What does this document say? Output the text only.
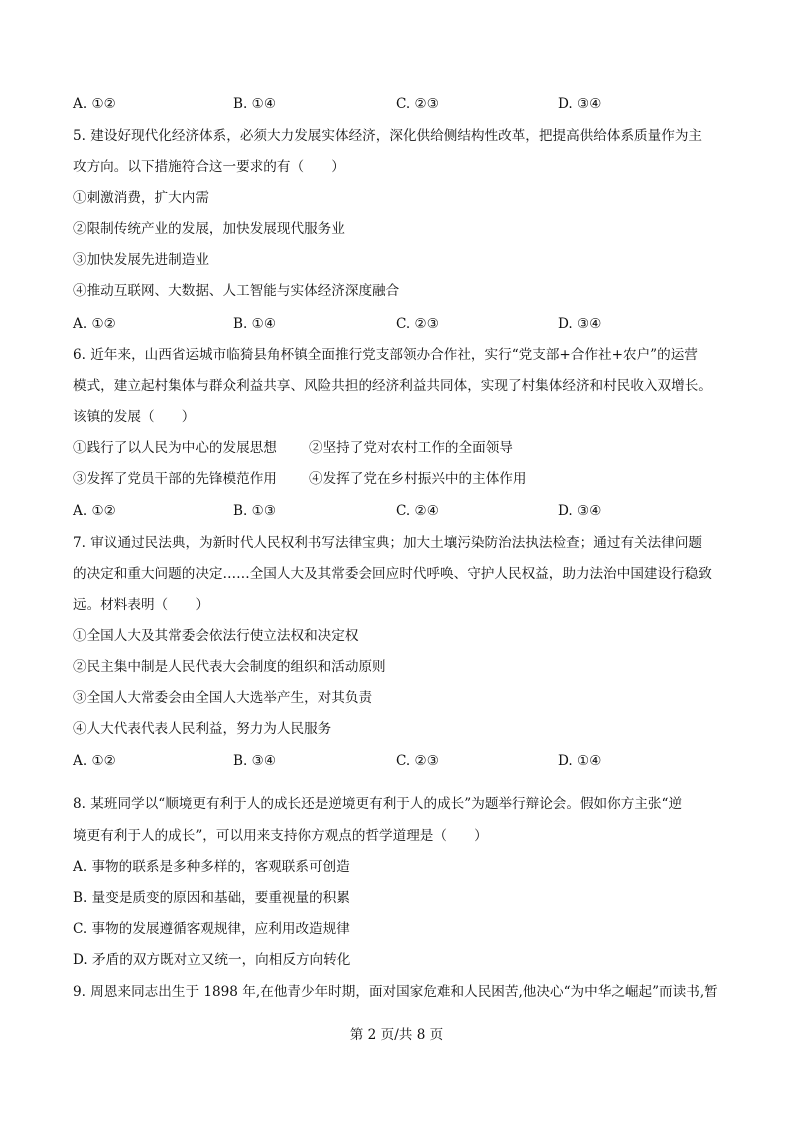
A. ①②	B. ①④	C. ②③	D. ③④
5. 建设好现代化经济体系，必须大力发展实体经济，深化供给侧结构性改革，把提高供给体系质量作为主
攻方向。以下措施符合这一要求的有（　　）
①刺激消费，扩大内需
②限制传统产业的发展，加快发展现代服务业
③加快发展先进制造业
④推动互联网、大数据、人工智能与实体经济深度融合
A. ①②	B. ①④	C. ②③	D. ③④
6. 近年来，山西省运城市临猗县角杯镇全面推行党支部领办合作社，实行“党支部+合作社+农户”的运营
模式，建立起村集体与群众利益共享、风险共担的经济利益共同体，实现了村集体经济和村民收入双增长。
该镇的发展（　　）
①践行了以人民为中心的发展思想 ②坚持了党对农村工作的全面领导
③发挥了党员干部的先锋模范作用 ④发挥了党在乡村振兴中的主体作用
A. ①②	B. ①③	C. ②④	D. ③④
7. 审议通过民法典，为新时代人民权利书写法律宝典；加大土壤污染防治法执法检查；通过有关法律问题
的决定和重大问题的决定……全国人大及其常委会回应时代呼唤、守护人民权益，助力法治中国建设行稳致
远。材料表明（　　）
①全国人大及其常委会依法行使立法权和决定权
②民主集中制是人民代表大会制度的组织和活动原则
③全国人大常委会由全国人大选举产生，对其负责
④人大代表代表人民利益，努力为人民服务
A. ①②	B. ③④	C. ②③	D. ①④
8. 某班同学以“顺境更有利于人的成长还是逆境更有利于人的成长”为题举行辩论会。假如你方主张“逆
境更有利于人的成长”，可以用来支持你方观点的哲学道理是（　　）
A. 事物的联系是多种多样的，客观联系可创造
B. 量变是质变的原因和基础，要重视量的积累
C. 事物的发展遵循客观规律，应利用改造规律
D. 矛盾的双方既对立又统一，向相反方向转化
9. 周恩来同志出生于 1898 年,在他青少年时期，面对国家危难和人民困苦,他决心“为中华之崛起”而读书,暂
第 2 页/共 8 页
